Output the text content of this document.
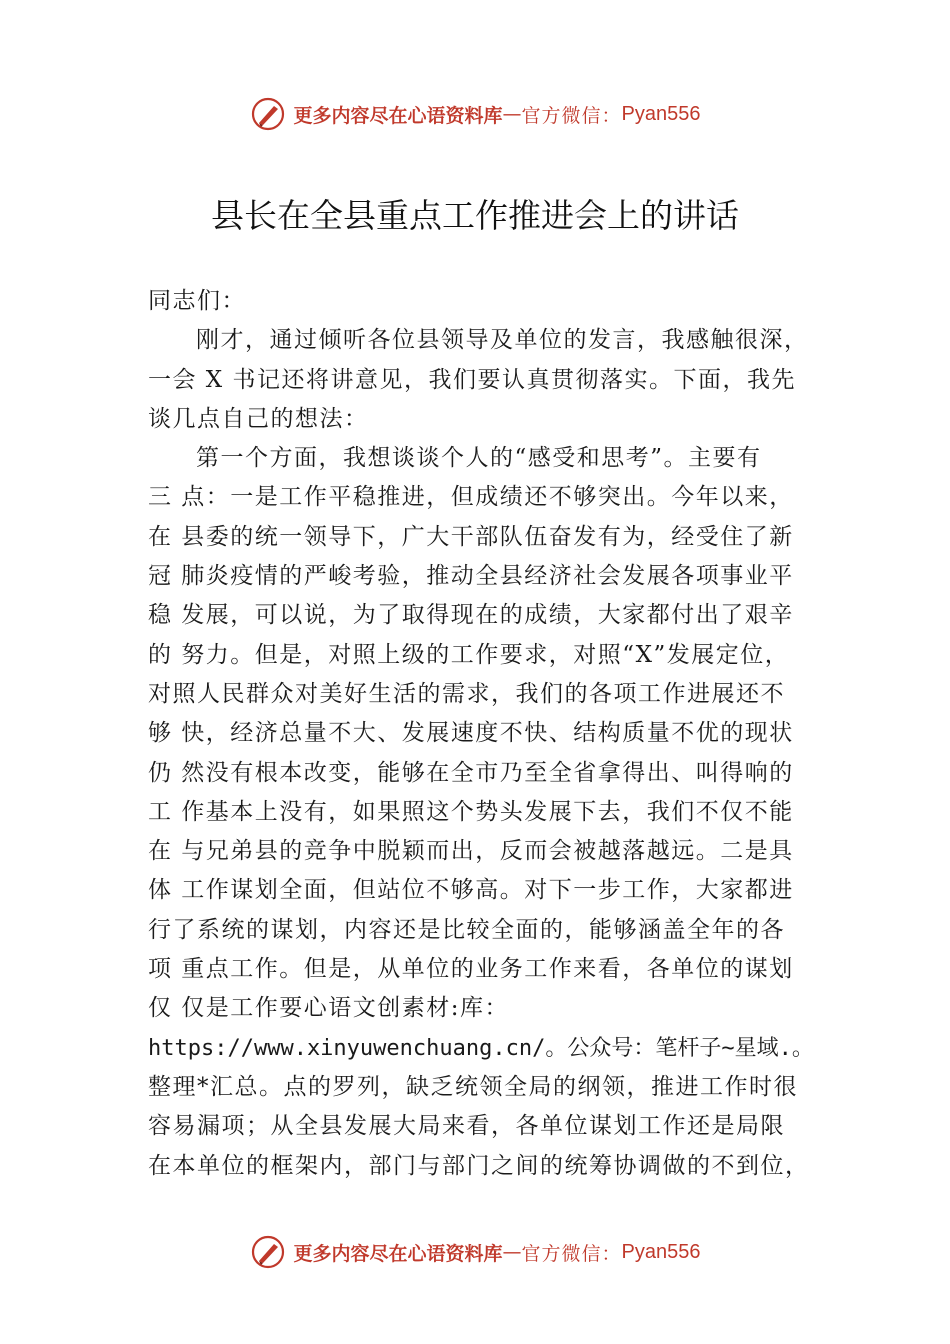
更多内容尽在心语资料库 — 官方微信： Pyan556
县长在全县重点工作推进会上的讲话
同志们：
刚才，通过倾听各位县领导及单位的发言，我感触很深，
一会 X 书记还将讲意见，我们要认真贯彻落实。下面，我先
谈几点自己的想法：
第一个方面，我想谈谈个人的“感受和思考”。主要有
三 点：一是工作平稳推进，但成绩还不够突出。今年以来，
在 县委的统一领导下，广大干部队伍奋发有为，经受住了新
冠 肺炎疫情的严峻考验，推动全县经济社会发展各项事业平
稳 发展，可以说，为了取得现在的成绩，大家都付出了艰辛
的 努力。但是，对照上级的工作要求，对照“X”发展定位，
对照人民群众对美好生活的需求，我们的各项工作进展还不
够 快，经济总量不大、发展速度不快、结构质量不优的现状
仍 然没有根本改变，能够在全市乃至全省拿得出、叫得响的
工 作基本上没有，如果照这个势头发展下去，我们不仅不能
在 与兄弟县的竞争中脱颖而出，反而会被越落越远。二是具
体 工作谋划全面，但站位不够高。对下一步工作，大家都进
行了系统的谋划，内容还是比较全面的，能够涵盖全年的各
项 重点工作。但是，从单位的业务工作来看，各单位的谋划
仅 仅是工作要心语文创素材:库：
https://www.xinyuwenchuang.cn/。公众号：笔杆子~星域.。
整理*汇总。点的罗列，缺乏统领全局的纲领，推进工作时很
容易漏项；从全县发展大局来看，各单位谋划工作还是局限
在本单位的框架内，部门与部门之间的统筹协调做的不到位，
更多内容尽在心语资料库 — 官方微信： Pyan556
